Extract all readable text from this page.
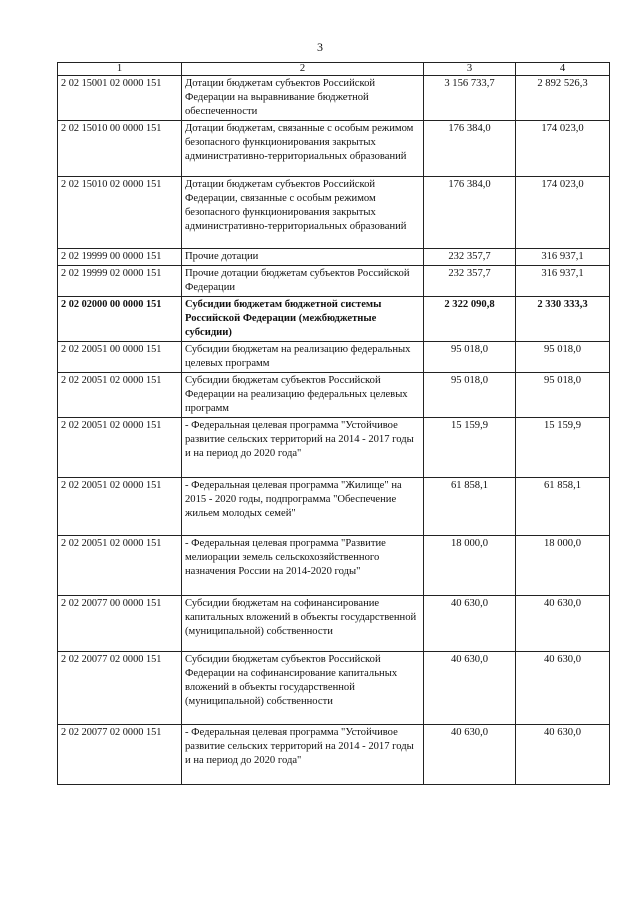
3
1	2	3	4
2 02 15001 02 0000 151	Дотации бюджетам субъектов Российской Федерации на выравнивание бюджетной обеспеченности	3 156 733,7	2 892 526,3
2 02 15010 00 0000 151	Дотации бюджетам, связанные с особым режимом безопасного функционирования закрытых административно-территориальных образований	176 384,0	174 023,0
2 02 15010 02 0000 151	Дотации бюджетам субъектов Российской Федерации, связанные с особым режимом безопасного функционирования закрытых административно-территориальных образований	176 384,0	174 023,0
2 02 19999 00 0000 151	Прочие дотации	232 357,7	316 937,1
2 02 19999 02 0000 151	Прочие дотации бюджетам субъектов Российской Федерации	232 357,7	316 937,1
2 02 02000 00 0000 151	Субсидии бюджетам бюджетной системы Российской Федерации (межбюджетные субсидии)	2 322 090,8	2 330 333,3
2 02 20051 00 0000 151	Субсидии бюджетам на реализацию федеральных целевых программ	95 018,0	95 018,0
2 02 20051 02 0000 151	Субсидии бюджетам субъектов Российской Федерации на реализацию федеральных целевых программ	95 018,0	95 018,0
2 02 20051 02 0000 151	- Федеральная целевая программа "Устойчивое развитие сельских территорий на 2014 - 2017 годы и на период до 2020 года"	15 159,9	15 159,9
2 02 20051 02 0000 151	- Федеральная целевая программа "Жилище" на 2015 - 2020 годы, подпрограмма "Обеспечение жильем молодых семей"	61 858,1	61 858,1
2 02 20051 02 0000 151	- Федеральная целевая программа "Развитие мелиорации земель сельскохозяйственного назначения России на 2014-2020 годы"	18 000,0	18 000,0
2 02 20077 00 0000 151	Субсидии бюджетам на софинансирование капитальных вложений в объекты государственной (муниципальной) собственности	40 630,0	40 630,0
2 02 20077 02 0000 151	Субсидии бюджетам субъектов Российской Федерации на софинансирование капитальных вложений в объекты государственной (муниципальной) собственности	40 630,0	40 630,0
2 02 20077 02 0000 151	- Федеральная целевая программа "Устойчивое развитие сельских территорий на 2014 - 2017 годы и на период до 2020 года"	40 630,0	40 630,0
